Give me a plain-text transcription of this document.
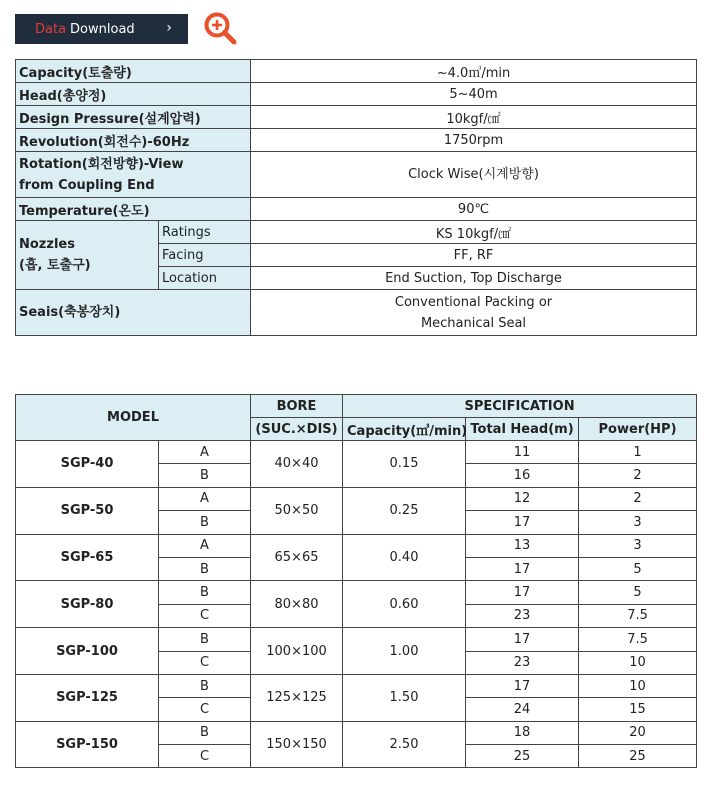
Data Download ›
Capacity(토출량)		~4.0㎥/min
Head(총양정)		5~40m
Design Pressure(설계압력)		10kgf/㎠
Revolution(회전수)-60Hz		1750rpm
Rotation(회전방향)-View
from Coupling End		Clock Wise(시계방향)
Temperature(온도)		90℃
Nozzles
(흡, 토출구)	Ratings	KS 10kgf/㎠
	Facing	FF, RF
	Location	End Suction, Top Discharge
Seais(축봉장치)		Conventional Packing or
Mechanical Seal
MODEL		BORE	SPECIFICATION		
		(SUC.×DIS)	Capacity(㎥/min)	Total Head(m)	Power(HP)
SGP-40	A	40×40	0.15	11	1
	B			16	2
SGP-50	A	50×50	0.25	12	2
	B			17	3
SGP-65	A	65×65	0.40	13	3
	B			17	5
SGP-80	B	80×80	0.60	17	5
	C			23	7.5
SGP-100	B	100×100	1.00	17	7.5
	C			23	10
SGP-125	B	125×125	1.50	17	10
	C			24	15
SGP-150	B	150×150	2.50	18	20
	C			25	25
